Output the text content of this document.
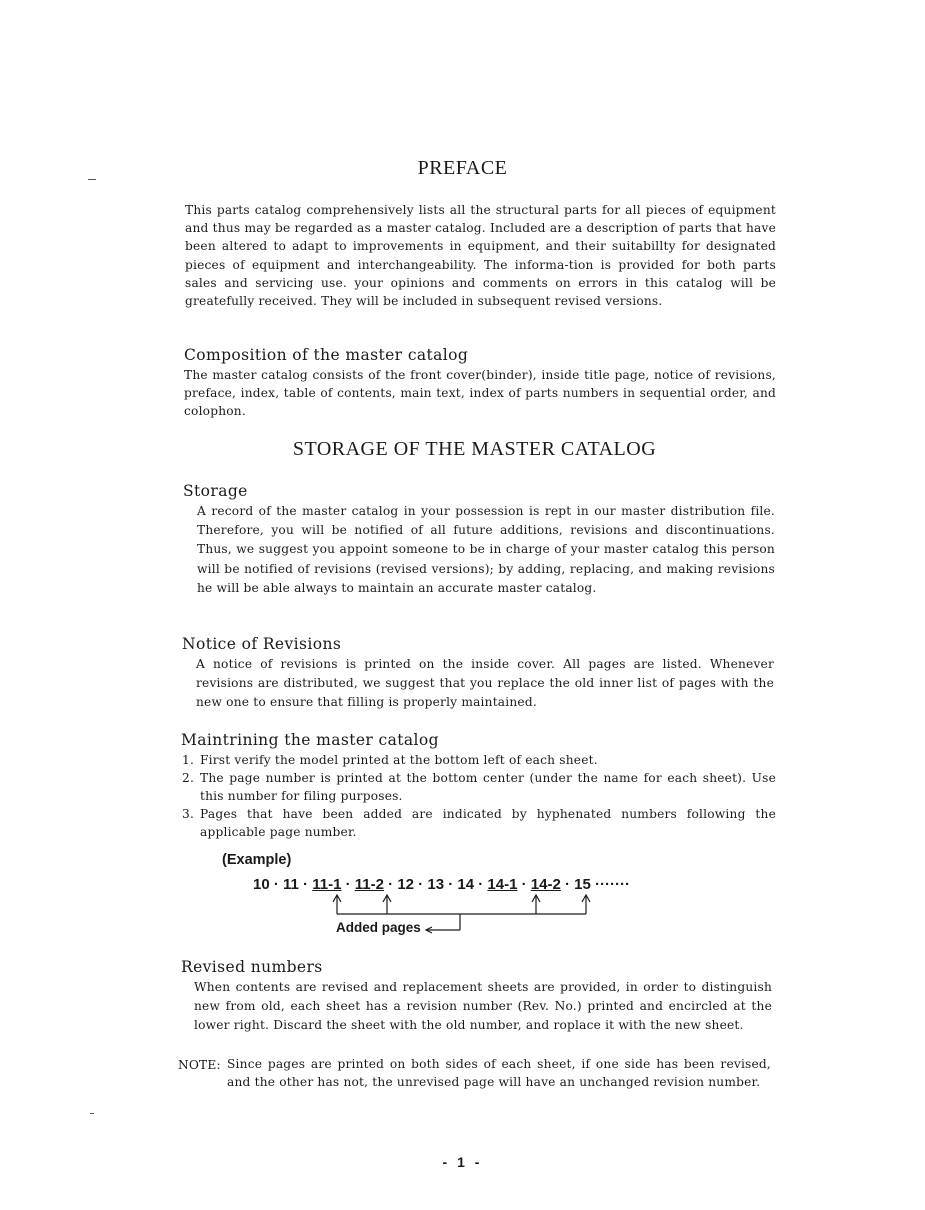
PREFACE
This parts catalog comprehensively lists all the structural parts for all pieces of equipment and thus may be regarded as a master catalog. Included are a description of parts that have been altered to adapt to improvements in equipment, and their suitabillty for designated pieces of equipment and interchangeability. The informa-tion is provided for both parts sales and servicing use. your opinions and comments on errors in this catalog will be greatefully received. They will be included in subsequent revised versions.
Composition of the master catalog
The master catalog consists of the front cover(binder), inside title page, notice of revisions, preface, index, table of contents, main text, index of parts numbers in sequential order, and colophon.
STORAGE OF THE MASTER CATALOG
Storage
A record of the master catalog in your possession is rept in our master distribution file. Therefore, you will be notified of all future additions, revisions and discontinuations. Thus, we suggest you appoint someone to be in charge of your master catalog this person will be notified of revisions (revised versions); by adding, replacing, and making revisions he will be able always to maintain an accurate master catalog.
Notice of Revisions
A notice of revisions is printed on the inside cover. All pages are listed. Whenever revisions are distributed, we suggest that you replace the old inner list of pages with the new one to ensure that filling is properly maintained.
Maintrining the master catalog
1. First verify the model printed at the bottom left of each sheet.
2. The page number is printed at the bottom center (under the name for each sheet). Use this number for filing purposes.
3. Pages that have been added are indicated by hyphenated numbers following the applicable page number.
(Example)
10 · 11 · 11-1 · 11-2 · 12 · 13 · 14 · 14-1 · 14-2 · 15 ·······
Added pages
Revised numbers
When contents are revised and replacement sheets are provided, in order to distinguish new from old, each sheet has a revision number (Rev. No.) printed and encircled at the lower right. Discard the sheet with the old number, and roplace it with the new sheet.
NOTE: Since pages are printed on both sides of each sheet, if one side has been revised, and the other has not, the unrevised page will have an unchanged revision number.
- 1 -
